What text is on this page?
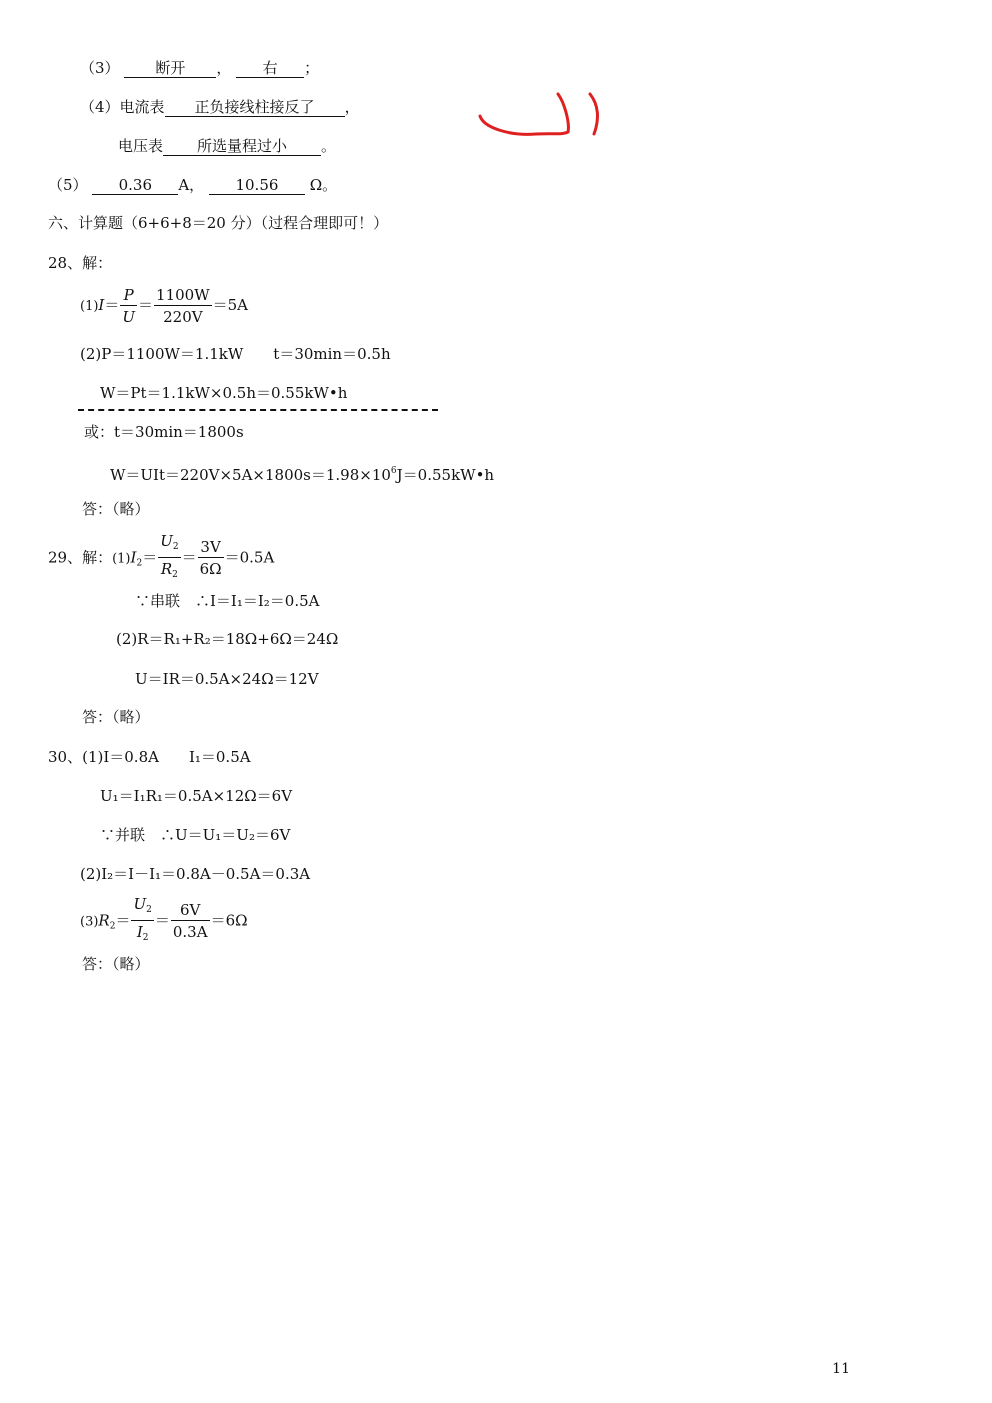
（3） 断开 ， 右 ；
（4）电流表 正负接线柱接反了 ，
电压表 所选量程过小 。
（5） 0.36 A， 10.56 Ω。
六、计算题（6+6+8＝20 分）（过程合理即可！）
28、解：
$(1)I= \frac{P}{U} = \frac{1100W}{220V} =5A$
(2)P＝1100W＝1.1kW　　t＝30min＝0.5h
W＝Pt＝1.1kW×0.5h＝0.55kW•h
或：t＝30min＝1800s
$W=UIt=220V\times 5A\times 1800s=1.98\times 10^6J=0.55kW•h$
答：（略）
29、解：$(1)I_2= \frac{U_2}{R_2} = \frac{3V}{6\Omega} =0.5A$
∵串联　∴I＝I₁＝I₂＝0.5A
(2)R＝R₁+R₂＝18Ω+6Ω＝24Ω
U＝IR＝0.5A×24Ω＝12V
答：（略）
30、(1)I＝0.8A　　I₁＝0.5A
U₁＝I₁R₁＝0.5A×12Ω＝6V
∵并联　∴U＝U₁＝U₂＝6V
(2)I₂＝I－I₁＝0.8A－0.5A＝0.3A
$(3)R_2= \frac{U_2}{I_2} = \frac{6V}{0.3A} =6\Omega$
答：（略）
11
